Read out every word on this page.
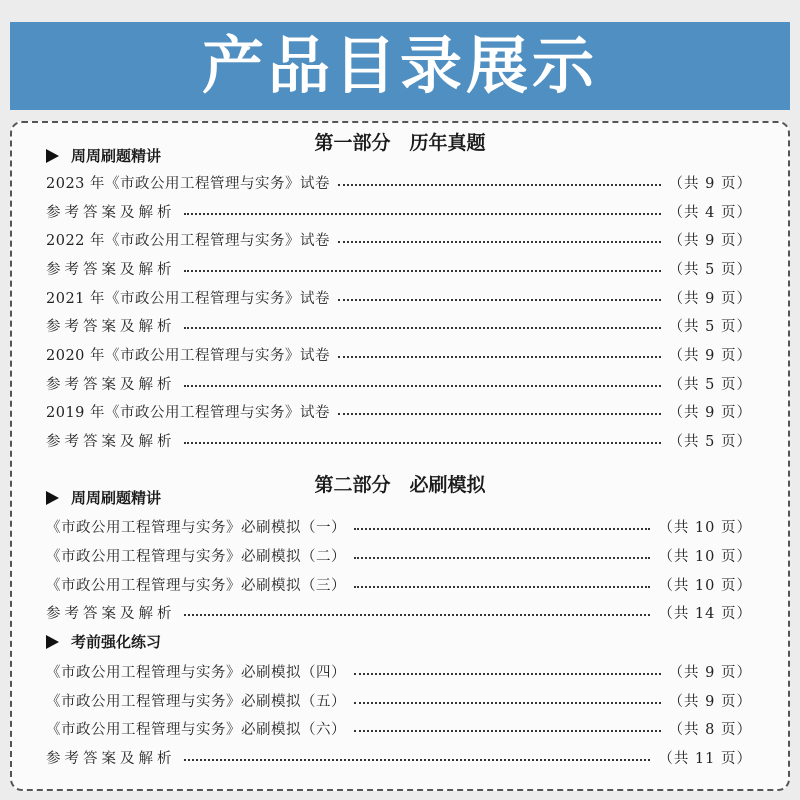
产品目录展示
第一部分　历年真题
周周刷题精讲
2023 年《市政公用工程管理与实务》试卷	（共 9 页）
参考答案及解析	（共 4 页）
2022 年《市政公用工程管理与实务》试卷	（共 9 页）
参考答案及解析	（共 5 页）
2021 年《市政公用工程管理与实务》试卷	（共 9 页）
参考答案及解析	（共 5 页）
2020 年《市政公用工程管理与实务》试卷	（共 9 页）
参考答案及解析	（共 5 页）
2019 年《市政公用工程管理与实务》试卷	（共 9 页）
参考答案及解析	（共 5 页）
第二部分　必刷模拟
周周刷题精讲
《市政公用工程管理与实务》必刷模拟（一）	（共 10 页）
《市政公用工程管理与实务》必刷模拟（二）	（共 10 页）
《市政公用工程管理与实务》必刷模拟（三）	（共 10 页）
参考答案及解析	（共 14 页）
考前强化练习
《市政公用工程管理与实务》必刷模拟（四）	（共 9 页）
《市政公用工程管理与实务》必刷模拟（五）	（共 9 页）
《市政公用工程管理与实务》必刷模拟（六）	（共 8 页）
参考答案及解析	（共 11 页）
